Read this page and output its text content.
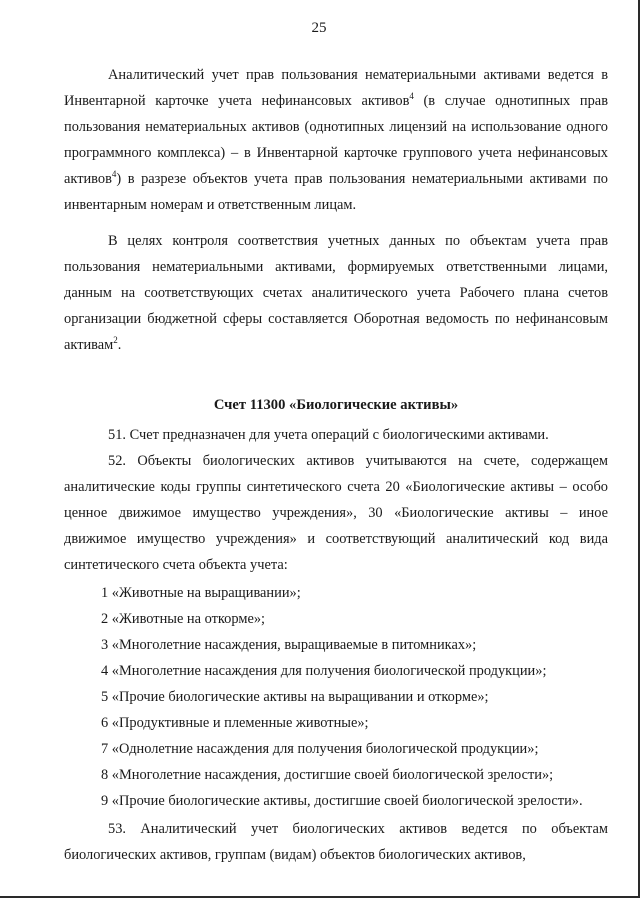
25

Аналитический учет прав пользования нематериальными активами ведется в Инвентарной карточке учета нефинансовых активов$^4$ (в случае однотипных прав пользования нематериальных активов (однотипных лицензий на использование одного программного комплекса) – в Инвентарной карточке группового учета нефинансовых активов$^4$) в разрезе объектов учета прав пользования нематериальными активами по инвентарным номерам и ответственным лицам.

В целях контроля соответствия учетных данных по объектам учета прав пользования нематериальными активами, формируемых ответственными лицами, данным на соответствующих счетах аналитического учета Рабочего плана счетов организации бюджетной сферы составляется Оборотная ведомость по нефинансовым активам$^2$.

Счет 11300 «Биологические активы»

51. Счет предназначен для учета операций с биологическими активами.

52. Объекты биологических активов учитываются на счете, содержащем аналитические коды группы синтетического счета 20 «Биологические активы – особо ценное движимое имущество учреждения», 30 «Биологические активы – иное движимое имущество учреждения» и соответствующий аналитический код вида синтетического счета объекта учета:

1 «Животные на выращивании»;

2 «Животные на откорме»;

3 «Многолетние насаждения, выращиваемые в питомниках»;

4 «Многолетние насаждения для получения биологической продукции»;

5 «Прочие биологические активы на выращивании и откорме»;

6 «Продуктивные и племенные животные»;

7 «Однолетние насаждения для получения биологической продукции»;

8 «Многолетние насаждения, достигшие своей биологической зрелости»;

9 «Прочие биологические активы, достигшие своей биологической зрелости».

53. Аналитический учет биологических активов ведется по объектам биологических активов, группам (видам) объектов биологических активов,
